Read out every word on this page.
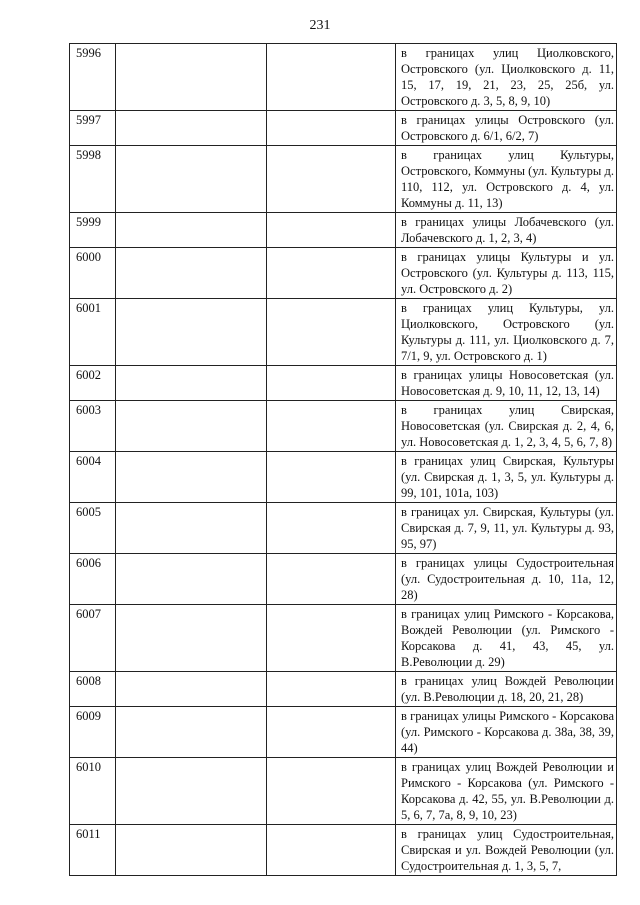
231
5996			в границах улиц Циолковского, Островского (ул. Циолковского д. 11, 15, 17, 19, 21, 23, 25, 25б, ул. Островского д. 3, 5, 8, 9, 10)
5997			в границах улицы Островского (ул. Островского д. 6/1, 6/2, 7)
5998			в границах улиц Культуры, Островского, Коммуны (ул. Культуры д. 110, 112, ул. Островского д. 4, ул. Коммуны д. 11, 13)
5999			в границах улицы Лобачевского (ул. Лобачевского д. 1, 2, 3, 4)
6000			в границах улицы Культуры и ул. Островского (ул. Культуры д. 113, 115, ул. Островского д. 2)
6001			в границах улиц Культуры, ул. Циолковского, Островского (ул. Культуры д. 111, ул. Циолковского д. 7, 7/1, 9, ул. Островского д. 1)
6002			в границах улицы Новосоветская (ул. Новосоветская д. 9, 10, 11, 12, 13, 14)
6003			в границах улиц Свирская, Новосоветская (ул. Свирская д. 2, 4, 6, ул. Новосоветская д. 1, 2, 3, 4, 5, 6, 7, 8)
6004			в границах улиц Свирская, Культуры (ул. Свирская д. 1, 3, 5, ул. Культуры д. 99, 101, 101а, 103)
6005			в границах ул. Свирская, Культуры (ул. Свирская д. 7, 9, 11, ул. Культуры д. 93, 95, 97)
6006			в границах улицы Судостроительная (ул. Судостроительная д. 10, 11а, 12, 28)
6007			в границах улиц Римского - Корсакова, Вождей Революции (ул. Римского - Корсакова д. 41, 43, 45, ул. В.Революции д. 29)
6008			в границах улиц Вождей Революции (ул. В.Революции д. 18, 20, 21, 28)
6009			в границах улицы Римского - Корсакова (ул. Римского - Корсакова д. 38а, 38, 39, 44)
6010			в границах улиц Вождей Революции и Римского - Корсакова (ул. Римского - Корсакова д. 42, 55, ул. В.Революции д. 5, 6, 7, 7а, 8, 9, 10, 23)
6011			в границах улиц Судостроительная, Свирская и ул. Вождей Революции (ул. Судостроительная д. 1, 3, 5, 7,
